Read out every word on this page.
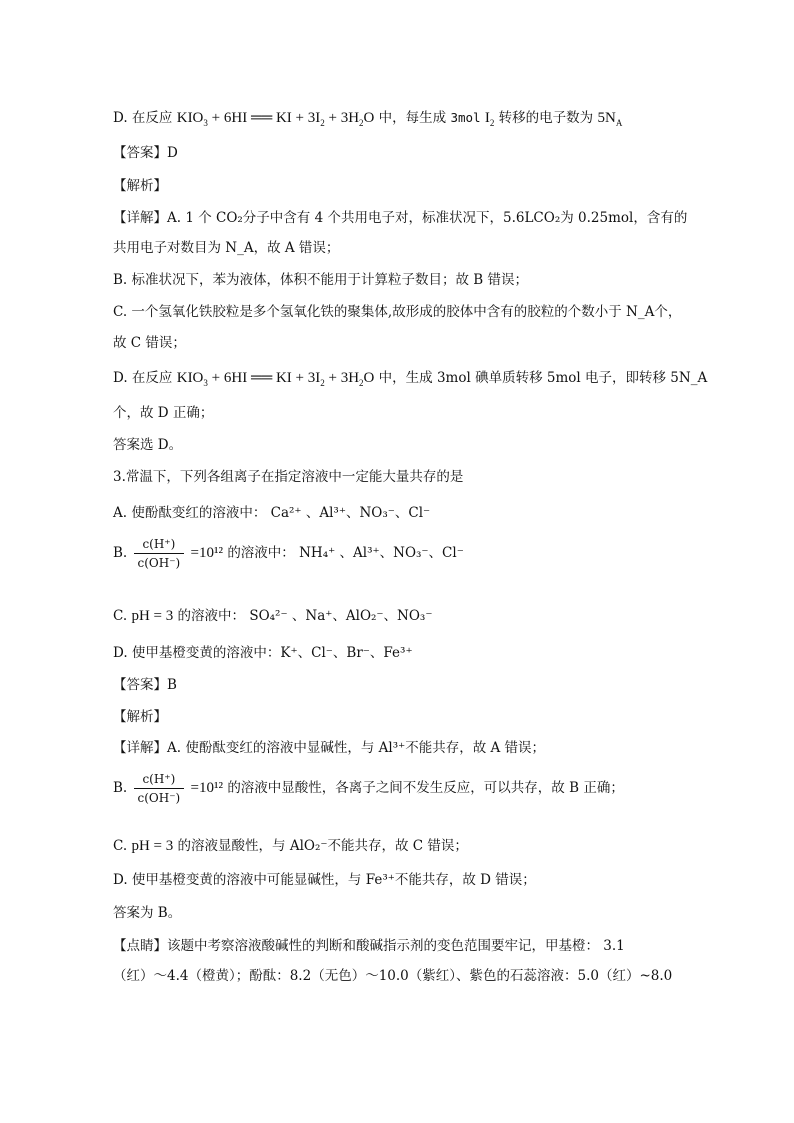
D. 在反应 $KIO_3 + 6HI$ ══ KI + $3I_2 + 3H_2O$ 中，每生成 3mol $I_2$ 转移的电子数为 $5N_A$
【答案】D
【解析】
【详解】A. 1 个 CO₂分子中含有 4 个共用电子对，标准状况下，5.6LCO₂为 0.25mol，含有的
共用电子对数目为 N_A，故 A 错误；
B. 标准状况下，苯为液体，体积不能用于计算粒子数目；故 B 错误；
C. 一个氢氧化铁胶粒是多个氢氧化铁的聚集体,故形成的胶体中含有的胶粒的个数小于 N_A个，
故 C 错误；
D. 在反应 $KIO_3 + 6HI$ ══ KI + $3I_2 + 3H_2O$ 中，生成 3mol 碘单质转移 5mol 电子，即转移 5N_A
个，故 D 正确；
答案选 D。
3.常温下，下列各组离子在指定溶液中一定能大量共存的是
A. 使酚酞变红的溶液中： Ca²⁺ 、Al³⁺、NO₃⁻、Cl⁻
B. $\frac{c(H^+)}{c(OH^-)} =10^{12}$ 的溶液中： NH₄⁺ 、Al³⁺、NO₃⁻、Cl⁻
C. pH = 3 的溶液中： SO₄²⁻ 、Na⁺、AlO₂⁻、NO₃⁻
D. 使甲基橙变黄的溶液中：K⁺、Cl⁻、Br⁻、Fe³⁺
【答案】B
【解析】
【详解】A. 使酚酞变红的溶液中显碱性，与 Al³⁺不能共存，故 A 错误；
B. $\frac{c(H^+)}{c(OH^-)} =10^{12}$ 的溶液中显酸性，各离子之间不发生反应，可以共存，故 B 正确；
C. pH = 3 的溶液显酸性，与 AlO₂⁻不能共存，故 C 错误；
D. 使甲基橙变黄的溶液中可能显碱性，与 Fe³⁺不能共存，故 D 错误；
答案为 B。
【点睛】该题中考察溶液酸碱性的判断和酸碱指示剂的变色范围要牢记，甲基橙： 3.1
（红）～4.4（橙黄）；酚酞：8.2（无色）～10.0（紫红）、紫色的石蕊溶液：5.0（红）~8.0
